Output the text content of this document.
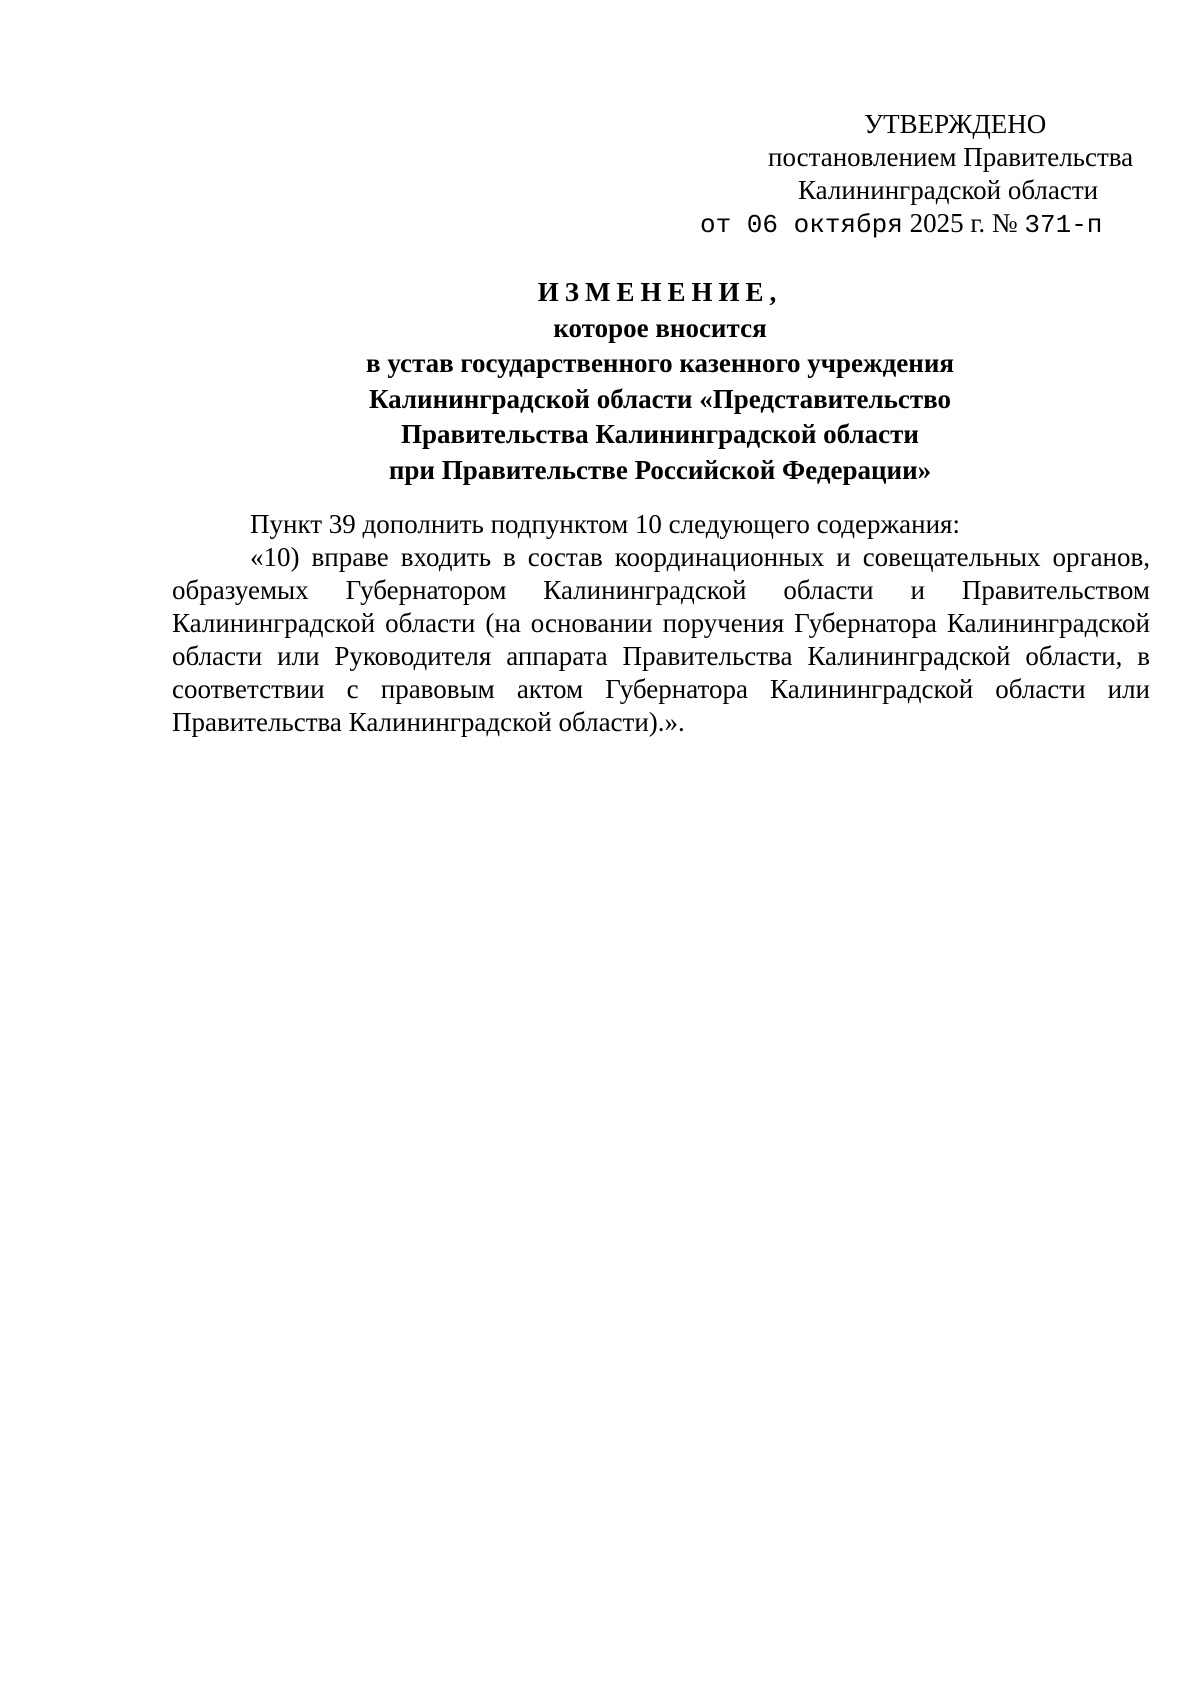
УТВЕРЖДЕНО
постановлением Правительства
Калининградской области
от 06 октября 2025 г. № 371-п
ИЗМЕНЕНИЕ,
которое вносится
в устав государственного казенного учреждения
Калининградской области «Представительство
Правительства Калининградской области
при Правительстве Российской Федерации»

Пункт 39 дополнить подпунктом 10 следующего содержания:

«10) вправе входить в состав координационных и совещательных органов, образуемых Губернатором Калининградской области и Правительством Калининградской области (на основании поручения Губернатора Калининградской области или Руководителя аппарата Правительства Калининградской области, в соответствии с правовым актом Губернатора Калининградской области или Правительства Калининградской области).».
